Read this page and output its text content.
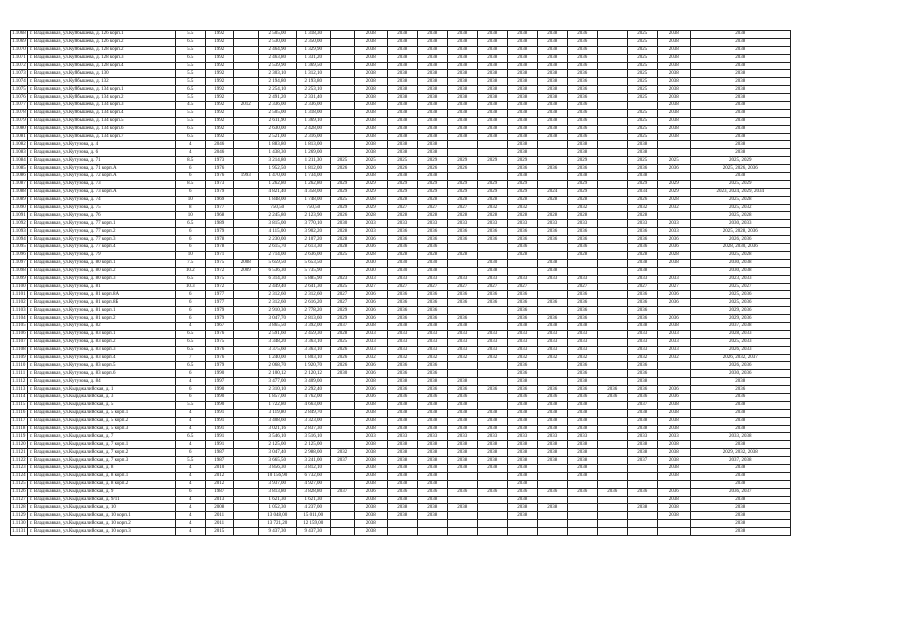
1.1068	г. Владикавказ, ул.Куйбышева, д. 126 корп.1	5.5	1992		2 505,00	1 318,30		2038	2038	2038	2038	2038	2038	2038	2036		2025	2038	2038
1.1069	г. Владикавказ, ул.Куйбышева, д. 126 корп.2	6.5	1992		2 530,00	2 350,00		2038	2038	2038	2038	2038	2038	2038	2036		2025	2038	2038
1.1070	г. Владикавказ, ул.Куйбышева, д. 128 корп.2	5.5	1992		2 464,90	1 329,90		2038	2038	2038	2038	2038	2038	2038	2036		2025	2038	2038
1.1071	г. Владикавказ, ул.Куйбышева, д. 128 корп.3	6.5	1992		2 463,80	1 331,20		2038	2038	2038	2038	2038	2038	2038	2036		2025	2038	2038
1.1072	г. Владикавказ, ул.Куйбышева, д. 128 корп.4	5.5	1992		2 539,90	1 369,50		2038	2038	2038	2038	2038	2038	2038	2036		2025	2038	2038
1.1073	г. Владикавказ, ул.Куйбышева, д. 130	5.5	1992		2 303,10	1 312,10		2038	2038	2038	2038	2038	2038	2038	2036		2025	2038	2038
1.1074	г. Владикавказ, ул.Куйбышева, д. 132	5.5	1992		2 194,80	2 193,80		2038	2038	2038	2038	2038	2038	2038	2036		2025	2038	2038
1.1075	г. Владикавказ, ул.Куйбышева, д. 134 корп.1	6.5	1992		2 254,10	2 253,10		2038	2038	2038	2038	2038	2038	2038	2036		2025	2038	2038
1.1076	г. Владикавказ, ул.Куйбышева, д. 134 корп.2	5.5	1992		2 491,20	2 331,40		2038	2038	2038	2038	2038	2038	2038	2036		2025	2038	2038
1.1077	г. Владикавказ, ул.Куйбышева, д. 134 корп.3	4.5	1992	2012	2 336,00	2 336,00		2038	2038	2038	2038	2038	2038	2038	2036			2038	2038
1.1078	г. Владикавказ, ул.Куйбышева, д. 134 корп.4	5.5	1992		2 505,00	1 318,00		2038	2038	2038	2038	2038	2038	2038	2036		2025	2038	2038
1.1079	г. Владикавказ, ул.Куйбышева, д. 134 корп.5	5.5	1992		2 611,90	1 369,10		2038	2038	2038	2038	2038	2038	2038	2036		2025	2038	2038
1.1080	г. Владикавказ, ул.Куйбышева, д. 134 корп.6	6.5	1992		2 630,00	2 428,00		2038	2038	2038	2038	2038	2038	2038	2036		2025	2038	2038
1.1081	г. Владикавказ, ул.Куйбышева, д. 134 корп.7	6.5	1992		2 521,00	2 316,00		2038	2038	2038	2038	2038	2038	2038	2036		2025	2038	2038
1.1082	г. Владикавказ, ул.Кутузова, д. 4	4	2046		1 883,80	1 813,00		2038	2038	2038			2038		2038		2038		2038
1.1083	г. Владикавказ, ул.Кутузова, д. 6	4	2046		1 438,30	1 269,00		2038	2038	2038			2038		2038		2038		2038
1.1084	г. Владикавказ, ул.Кутузова, д. 71	8.5	1973		3 214,80	1 211,30	2025	2025	2025	2029	2029	2029	2029		2029		2025	2025	2025, 2029
1.1085	г. Владикавказ, ул.Кутузова, д. 71 корп.А	6	1976		1 952,50	1 812,00	2026	2026	2026	2026	2026		2036	2036	2036		2036	2036	2025, 2026, 2036
1.1086	г. Владикавказ, ул.Кутузова, д. 72 корп.А	6	1976	1993	1 470,00	1 734,00		2038	2038	2038			2038		2038		2038		2038
1.1087	г. Владикавказ, ул.Кутузова, д. 73	8.5	1973		1 262,80	1 262,80	2029	2029	2029	2029	2029	2029	2029		2029		2029	2029	2025, 2029
1.1088	г. Владикавказ, ул.Кутузова, д. 73 корп.А	6	1979		4 821,40	4 358,00	2029	2029	2029	2029	2029	2029	2029	2024	2029		2034	2029	2023, 2024, 2029, 2034
1.1089	г. Владикавказ, ул.Кутузова, д. 74	10	1969		1 848,00	1 748,00	2025	2028	2028	2028	2028	2028	2028	2028	2028		2026	2028	2025, 2028
1.1090	г. Владикавказ, ул.Кутузова, д. 75	8	1977		750,50	750,50	2029	2029	2027	2027	2027	2032	2032		2032		2032	2032	2025, 2032
1.1091	г. Владикавказ, ул.Кутузова, д. 76	10	1968		2 245,80	2 123,90	2026	2028	2028	2028	2028	2028	2028	2028	2028		2028		2025, 2028
1.1092	г. Владикавказ, ул.Кутузова, д. 77 корп.1	6.5	1989		3 815,00	3 770,10	2030	2033	2033	2033	2033	2033	2033	2033	2033		2033	2033	2030, 2033
1.1093	г. Владикавказ, ул.Кутузова, д. 77 корп.2	6	1979		4 115,00	3 902,20	2028	2033	2036	2036	2036	2036	2036	2036	2036		2036	2033	2025, 2028, 2036
1.1094	г. Владикавказ, ул.Кутузова, д. 77 корп.3	6	1978		2 230,00	2 107,20	2028	2036	2036	2036	2036	2036	2036	2036	2036		2036	2036	2026, 2036
1.1095	г. Владикавказ, ул.Кутузова, д. 77 корп.4	6	1978		2 615,70	2 613,30	2028	2036	2036	2036			2036		2036		2036	2036	2028, 2030, 2036
1.1096	г. Владикавказ, ул.Кутузова, д. 79	10	1971		2 714,00	2 636,00	2025	2028	2028	2028	2028		2028		2028		2028	2028	2025, 2028
1.1097	г. Владикавказ, ул.Кутузова, д. 80 корп.1	7.5	1975	2008	5 659,50	5 653,50		2030	2030	2030		2030		2038			2038	2038	2030, 2038
1.1098	г. Владикавказ, ул.Кутузова, д. 80 корп.2	10.2	1972	2009	6 536,30	5 735,90		2030	2030	2038		2038		2038			2038		2030, 2038
1.1099	г. Владикавказ, ул.Кутузова, д. 80 корп.3	6.5	1975		6 314,30	5 885,90	2023	2033	2033	2033	2033	2033	2033	2033	2033		2033	2033	2023, 2033
1.1100	г. Владикавказ, ул.Кутузова, д. 81	10.3	1972		2 449,40	2 641,30	2025	2027	2027	2027	2027	2027	2027		2027		2027	2027	2025, 2027
1.1101	г. Владикавказ, ул.Кутузова, д. 81 корп.8А	6	1977		2 312,60	2 312,60	2027	2036	2036	2036	2036	2036	2036		2036		2036	2036	2025, 2036
1.1102	г. Владикавказ, ул.Кутузова, д. 81 корп.8Б	6	1977		2 312,60	2 616,20	2027	2036	2036	2036	2036	2036	2036	2036	2036		2036	2036	2025, 2036
1.1103	г. Владикавказ, ул.Кутузова, д. 81 корп.1	6	1979		2 910,30	2 778,20	2029	2036	2036	2036			2036		2036		2036		2029, 2036
1.1104	г. Владикавказ, ул.Кутузова, д. 81 корп.2	6	1979		3 047,70	2 813,60	2029	2036	2036	2036	2036		2036	2036	2036		2036	2036	2029, 2036
1.1105	г. Владикавказ, ул.Кутузова, д. 82	4	1967		3 865,50	3 392,00	2037	2038	2038	2038	2038		2038	2038	2038		2038	2038	2037, 2038
1.1106	г. Владикавказ, ул.Кутузова, д. 83 корп.1	6.5	1976		2 591,60	2 459,30	2028	2033	2033	2033	2033	2033	2033	2033	2033		2033	2033	2028, 2033
1.1107	г. Владикавказ, ул.Кутузова, д. 83 корп.2	6.5	1975		3 348,20	3 363,10	2025	2033	2033	2033	2033	2033	2033	2033	2033		2033	2033	2025, 2033
1.1108	г. Владикавказ, ул.Кутузова, д. 83 корп.3	6.5	1976		3 375,60	3 363,10	2026	2033	2033	2033	2033	2033	2033	2033	2033		2033	2033	2026, 2033
1.1109	г. Владикавказ, ул.Кутузова, д. 83 корп.4	7	1976		1 240,00	1 803,10	2026	2032	2032	2032	2032	2032	2032	2032	2032		2032	2032	2026, 2032, 2037
1.1110	г. Владикавказ, ул.Кутузова, д. 83 корп.5	6.5	1979		2 068,70	1 920,70	2026	2036	2036	2036			2036		2036		2036		2026, 2036
1.1111	г. Владикавказ, ул.Кутузова, д. 83 корп.6	6	1990		2 100,12	2 120,12	2030	2036	2036	2036			2036		2036		2036		2030, 2036
1.1112	г. Владикавказ, ул.Кутузова, д. 84	4	1997		3 477,00	3 409,00		2038	2038	2038	2038		2038		2038		2038		2038
1.1113	г. Владикавказ, ул.Кырджалийская, д. 1	6	1990		2 310,10	2 292,40		2036	2036	2036	2036	2036	2036	2036	2036	2036	2036	2036	2036
1.1114	г. Владикавказ, ул.Кырджалийская, д. 3	6	1990		1 857,00	4 762,00		2036	2036	2036	2036		2036	2036	2036	2036	2036	2036	2036
1.1115	г. Владикавказ, ул.Кырджалийская, д. 5	5.5	1990		1 722,80	4 663,00		2038	2038	2038	2038		2038	2038	2038		2037	2038	2038
1.1116	г. Владикавказ, ул.Кырджалийская, д. 5 корп.1	4	1991		3 119,80	2 849,70		2038	2038	2038	2038	2038	2038	2038	2038		2038	2038	2038
1.1117	г. Владикавказ, ул.Кырджалийская, д. 5 корп.2	4	1991		3 408,60	3 323,00		2038	2038	2038	2038	2038	2038	2038	2038		2038	2038	2038
1.1118	г. Владикавказ, ул.Кырджалийская, д. 5 корп.3	4	1991		3 021,16	2 837,30		2038	2038	2038	2038	2038	2038	2038	2038		2038	2038	2038
1.1119	г. Владикавказ, ул.Кырджалийская, д. 7	6.5	1991		3 546,10	3 516,10		2033	2033	2033	2033	2033	2033	2033	2033		2033	2033	2033, 2038
1.1120	г. Владикавказ, ул.Кырджалийская, д. 7 корп.1	4	1991		2 125,00	2 125,00		2038	2038	2038	2038	2038	2038	2038	2038		2038	2038	2038
1.1121	г. Владикавказ, ул.Кырджалийская, д. 7 корп.2	6	1987		3 047,40	2 988,00	2032	2038	2038	2038	2038	2038	2038	2038	2038		2038	2038	2029, 2032, 2038
1.1122	г. Владикавказ, ул.Кырджалийская, д. 7 корп.3	5.5	1987		3 665,50	3 241,00	2037	2038	2038	2038	2038	2038	2038	2038	2038		2037	2038	2037, 2038
1.1123	г. Владикавказ, ул.Кырджалийская, д. 8	4	2010		3 856,30	3 812,10		2038	2038	2038	2038	2038	2038		2038			2038	2038
1.1124	г. Владикавказ, ул.Кырджалийская, д. 8 корп.1	4	2012		10 156,90	6 732,60		2038	2038	2038			2038		2038			2038	2038
1.1125	г. Владикавказ, ул.Кырджалийская, д. 8 корп.2	4	2012		3 937,00	4 927,00		2038	2038	2038			2038						2038
1.1126	г. Владикавказ, ул.Кырджалийская, д. 9	6	1987		3 813,80	3 828,80	2037	2036	2036	2036	2036	2036	2036	2036	2036	2036	2036	2036	2036, 2037
1.1127	г. Владикавказ, ул.Кырджалийская, д. 9/11	4	2013		1 621,30	1 621,30		2038	2038	2038			2038					2038	2038
1.1128	г. Владикавказ, ул.Кырджалийская, д. 10	4	2008		1 052,30	4 237,00		2038	2038	2038	2038		2038	2038			2038	2038	2038
1.1129	г. Владикавказ, ул.Кырджалийская, д. 10 корп.1	4	2011		13 048,00	15 011,00		2038	2038	2038			2038					2038	2038
1.1130	г. Владикавказ, ул.Кырджалийская, д. 10 корп.2	4	2011		13 721,20	12 159,00		2038											2038
1.1131	г. Владикавказ, ул.Кырджалийская, д. 10 корп.3	4	2015		9 437,30	9 437,30		2038											2038
